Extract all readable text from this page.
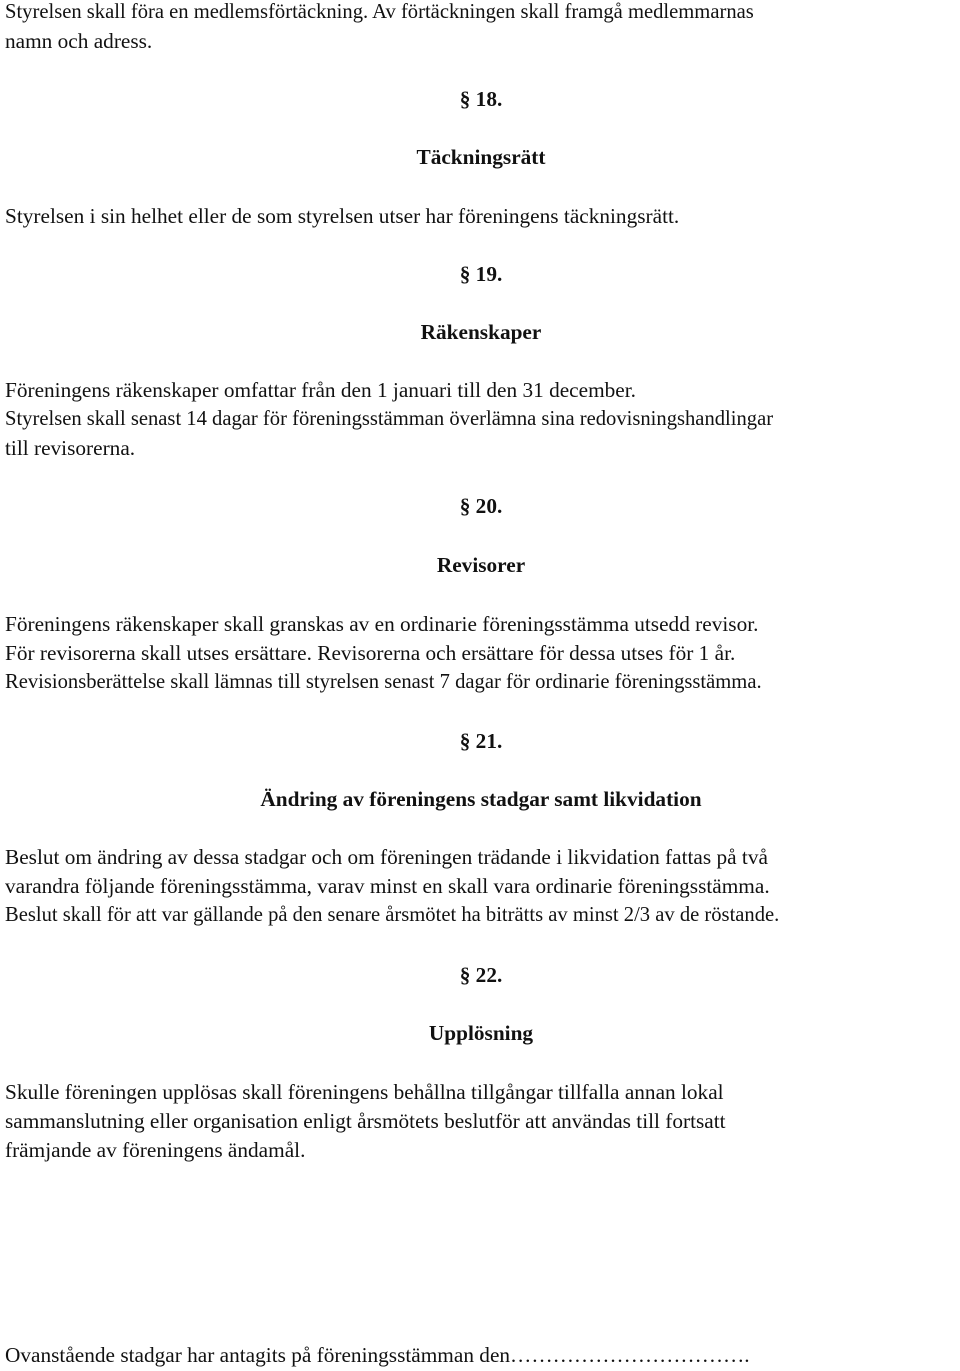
Styrelsen skall föra en medlemsförtäckning. Av förtäckningen skall framgå medlemmarnas

namn och adress.

§ 18.

Täckningsrätt

Styrelsen i sin helhet eller de som styrelsen utser har föreningens täckningsrätt.

§ 19.

Räkenskaper

Föreningens räkenskaper omfattar från den 1 januari till den 31 december.

Styrelsen skall senast 14 dagar för föreningsstämman överlämna sina redovisningshandlingar

till revisorerna.

§ 20.

Revisorer

Föreningens räkenskaper skall granskas av en ordinarie föreningsstämma utsedd revisor.

För revisorerna skall utses ersättare. Revisorerna och ersättare för dessa utses för 1 år.

Revisionsberättelse skall lämnas till styrelsen senast 7 dagar för ordinarie föreningsstämma.

§ 21.

Ändring av föreningens stadgar samt likvidation

Beslut om ändring av dessa stadgar och om föreningen trädande i likvidation fattas på två

varandra följande föreningsstämma, varav minst en skall vara ordinarie föreningsstämma.

Beslut skall för att var gällande på den senare årsmötet ha biträtts av minst 2/3 av de röstande.

§ 22.

Upplösning

Skulle föreningen upplösas skall föreningens behållna tillgångar tillfalla annan lokal

sammanslutning eller organisation enligt årsmötets beslutför att användas till fortsatt

främjande av föreningens ändamål.

Ovanstående stadgar har antagits på föreningsstämman den…………………………….
